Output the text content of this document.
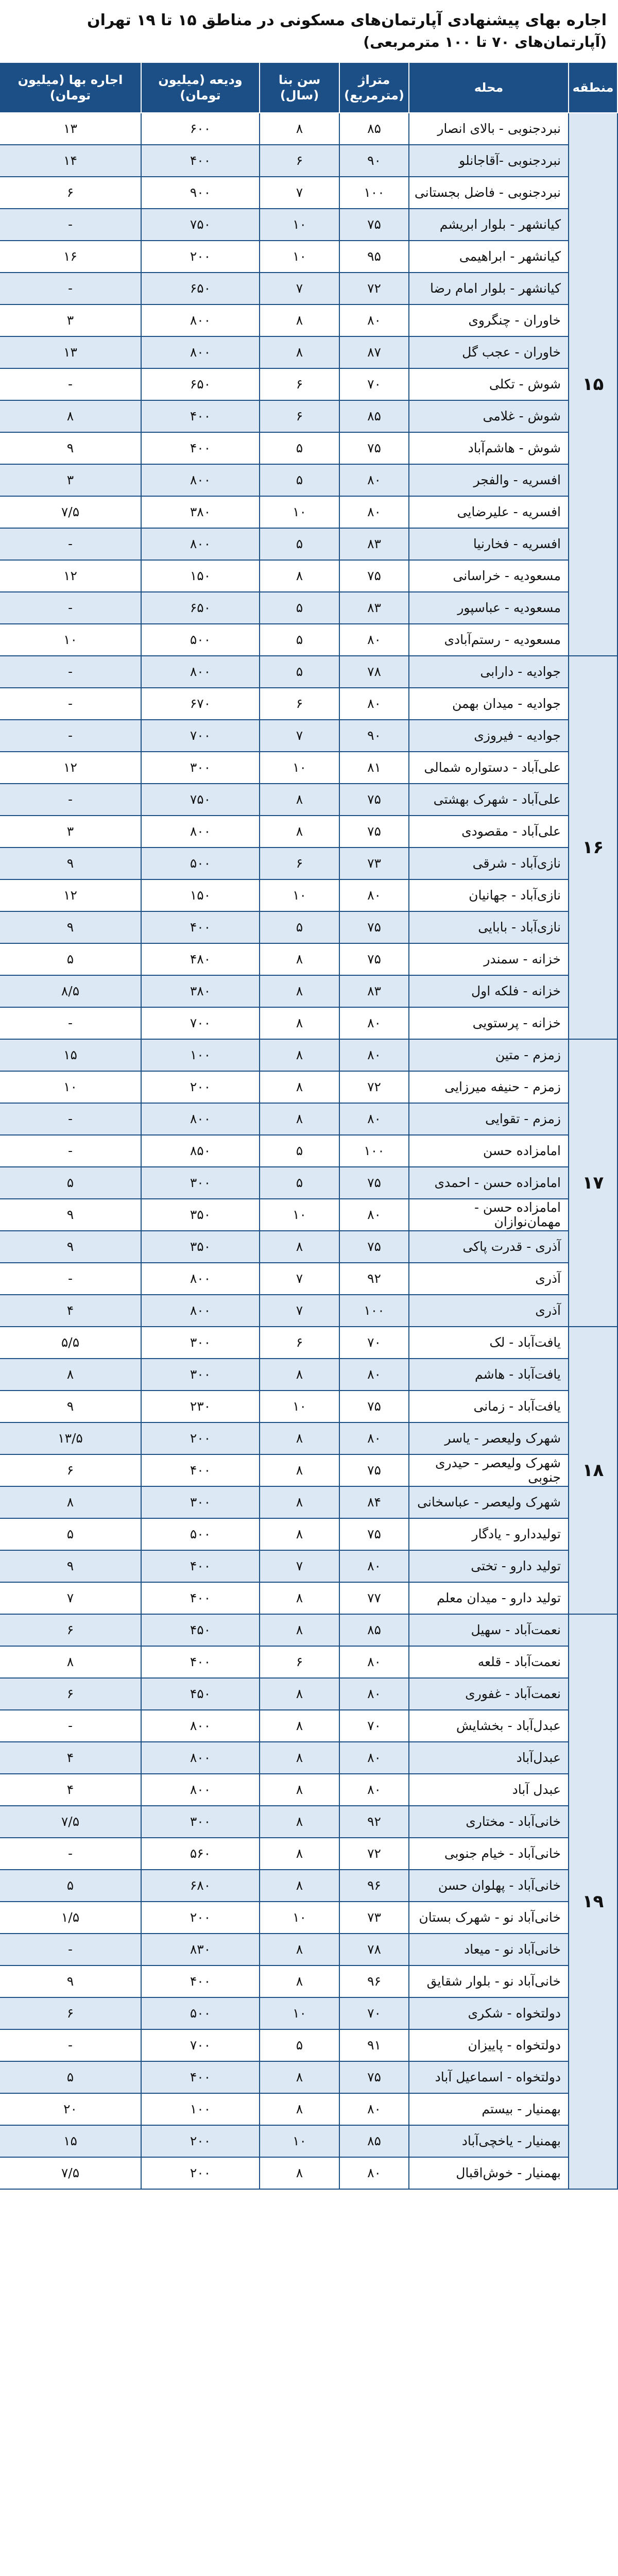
اجاره بهای پیشنهادی آپارتمان‌های مسکونی در مناطق ۱۵ تا ۱۹ تهران
(آپارتمان‌های ۷۰ تا ۱۰۰ مترمربعی)
منطقه	محله	متراژ (مترمربع)	سن بنا (سال)	ودیعه (میلیون تومان)	اجاره بها (میلیون تومان)
۱۵	نبردجنوبی - بالای انصار	۸۵	۸	۶۰۰	۱۳
	نبردجنوبی -آقاجانلو	۹۰	۶	۴۰۰	۱۴
	نبردجنوبی - فاضل بجستانی	۱۰۰	۷	۹۰۰	۶
	کیانشهر - بلوار ابریشم	۷۵	۱۰	۷۵۰	-
	کیانشهر - ابراهیمی	۹۵	۱۰	۲۰۰	۱۶
	کیانشهر - بلوار امام رضا	۷۲	۷	۶۵۰	-
	خاوران - چنگروی	۸۰	۸	۸۰۰	۳
	خاوران - عجب گل	۸۷	۸	۸۰۰	۱۳
	شوش - تکلی	۷۰	۶	۶۵۰	-
	شوش - غلامی	۸۵	۶	۴۰۰	۸
	شوش - هاشم‌آباد	۷۵	۵	۴۰۰	۹
	افسریه - والفجر	۸۰	۵	۸۰۰	۳
	افسریه - علیرضایی	۸۰	۱۰	۳۸۰	۷/۵
	افسریه - فخارنیا	۸۳	۵	۸۰۰	-
	مسعودیه - خراسانی	۷۵	۸	۱۵۰	۱۲
	مسعودیه - عباسپور	۸۳	۵	۶۵۰	-
	مسعودیه - رستم‌آبادی	۸۰	۵	۵۰۰	۱۰
۱۶	جوادیه - دارابی	۷۸	۵	۸۰۰	-
	جوادیه - میدان بهمن	۸۰	۶	۶۷۰	-
	جوادیه - فیروزی	۹۰	۷	۷۰۰	-
	علی‌آباد - دستواره شمالی	۸۱	۱۰	۳۰۰	۱۲
	علی‌آباد - شهرک بهشتی	۷۵	۸	۷۵۰	-
	علی‌آباد - مقصودی	۷۵	۸	۸۰۰	۳
	نازی‌آباد - شرقی	۷۳	۶	۵۰۰	۹
	نازی‌آباد - جهانیان	۸۰	۱۰	۱۵۰	۱۲
	نازی‌آباد - بابایی	۷۵	۵	۴۰۰	۹
	خزانه - سمندر	۷۵	۸	۴۸۰	۵
	خزانه - فلکه اول	۸۳	۸	۳۸۰	۸/۵
	خزانه - پرستویی	۸۰	۸	۷۰۰	-
۱۷	زمزم - متین	۸۰	۸	۱۰۰	۱۵
	زمزم - حنیفه میرزایی	۷۲	۸	۲۰۰	۱۰
	زمزم - تقوایی	۸۰	۸	۸۰۰	-
	امامزاده حسن	۱۰۰	۵	۸۵۰	-
	امامزاده حسن - احمدی	۷۵	۵	۳۰۰	۵
	امامزاده حسن - مهمان‌نوازان	۸۰	۱۰	۳۵۰	۹
	آذری - قدرت پاکی	۷۵	۸	۳۵۰	۹
	آذری	۹۲	۷	۸۰۰	-
	آذری	۱۰۰	۷	۸۰۰	۴
۱۸	یافت‌آباد - لک	۷۰	۶	۳۰۰	۵/۵
	یافت‌آباد - هاشم	۸۰	۸	۳۰۰	۸
	یافت‌آباد - زمانی	۷۵	۱۰	۲۳۰	۹
	شهرک ولیعصر - یاسر	۸۰	۸	۲۰۰	۱۳/۵
	شهرک ولیعصر - حیدری جنوبی	۷۵	۸	۴۰۰	۶
	شهرک ولیعصر - عباسخانی	۸۴	۸	۳۰۰	۸
	تولیددارو - یادگار	۷۵	۸	۵۰۰	۵
	تولید دارو - تختی	۸۰	۷	۴۰۰	۹
	تولید دارو - میدان معلم	۷۷	۸	۴۰۰	۷
۱۹	نعمت‌آباد - سهیل	۸۵	۸	۴۵۰	۶
	نعمت‌آباد - قلعه	۸۰	۶	۴۰۰	۸
	نعمت‌آباد - غفوری	۸۰	۸	۴۵۰	۶
	عبدل‌آباد - بخشایش	۷۰	۸	۸۰۰	-
	عبدل‌آباد	۸۰	۸	۸۰۰	۴
	عبدل آباد	۸۰	۸	۸۰۰	۴
	خانی‌آباد - مختاری	۹۲	۸	۳۰۰	۷/۵
	خانی‌آباد - خیام جنوبی	۷۲	۸	۵۶۰	-
	خانی‌آباد - پهلوان حسن	۹۶	۸	۶۸۰	۵
	خانی‌آباد نو - شهرک بستان	۷۳	۱۰	۲۰۰	۱/۵
	خانی‌آباد نو - میعاد	۷۸	۸	۸۳۰	-
	خانی‌آباد نو - بلوار شقایق	۹۶	۸	۴۰۰	۹
	دولتخواه - شکری	۷۰	۱۰	۵۰۰	۶
	دولتخواه - پاییزان	۹۱	۵	۷۰۰	-
	دولتخواه - اسماعیل آباد	۷۵	۸	۴۰۰	۵
	بهمنیار - بیستم	۸۰	۸	۱۰۰	۲۰
	بهمنیار - یاخچی‌آباد	۸۵	۱۰	۲۰۰	۱۵
	بهمنیار - خوش‌اقبال	۸۰	۸	۲۰۰	۷/۵
